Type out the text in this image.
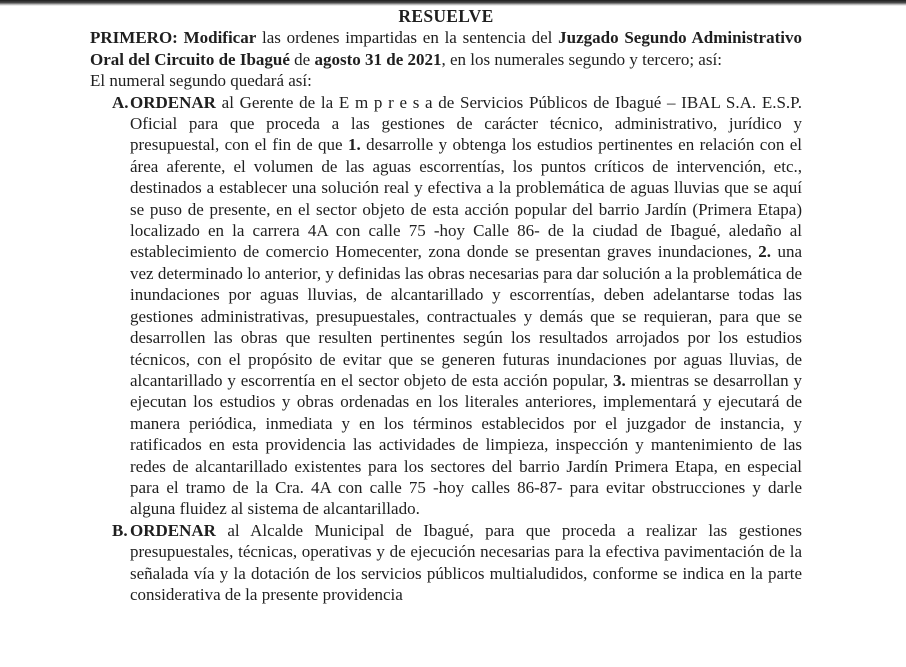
RESUELVE
PRIMERO: Modificar las ordenes impartidas en la sentencia del Juzgado Segundo Administrativo Oral del Circuito de Ibagué de agosto 31 de 2021, en los numerales segundo y tercero; así:
El numeral segundo quedará así:
A. ORDENAR al Gerente de la E m p r e s a de Servicios Públicos de Ibagué – IBAL S.A. E.S.P. Oficial para que proceda a las gestiones de carácter técnico, administrativo, jurídico y presupuestal, con el fin de que 1. desarrolle y obtenga los estudios pertinentes en relación con el área aferente, el volumen de las aguas escorrentías, los puntos críticos de intervención, etc., destinados a establecer una solución real y efectiva a la problemática de aguas lluvias que se aquí se puso de presente, en el sector objeto de esta acción popular del barrio Jardín (Primera Etapa) localizado en la carrera 4A con calle 75 -hoy Calle 86- de la ciudad de Ibagué, aledaño al establecimiento de comercio Homecenter, zona donde se presentan graves inundaciones, 2. una vez determinado lo anterior, y definidas las obras necesarias para dar solución a la problemática de inundaciones por aguas lluvias, de alcantarillado y escorrentías, deben adelantarse todas las gestiones administrativas, presupuestales, contractuales y demás que se requieran, para que se desarrollen las obras que resulten pertinentes según los resultados arrojados por los estudios técnicos, con el propósito de evitar que se generen futuras inundaciones por aguas lluvias, de alcantarillado y escorrentía en el sector objeto de esta acción popular, 3. mientras se desarrollan y ejecutan los estudios y obras ordenadas en los literales anteriores, implementará y ejecutará de manera periódica, inmediata y en los términos establecidos por el juzgador de instancia, y ratificados en esta providencia las actividades de limpieza, inspección y mantenimiento de las redes de alcantarillado existentes para los sectores del barrio Jardín Primera Etapa, en especial para el tramo de la Cra. 4A con calle 75 -hoy calles 86-87- para evitar obstrucciones y darle alguna fluidez al sistema de alcantarillado.
B. ORDENAR al Alcalde Municipal de Ibagué, para que proceda a realizar las gestiones presupuestales, técnicas, operativas y de ejecución necesarias para la efectiva pavimentación de la señalada vía y la dotación de los servicios públicos multialudidos, conforme se indica en la parte considerativa de la presente providencia
